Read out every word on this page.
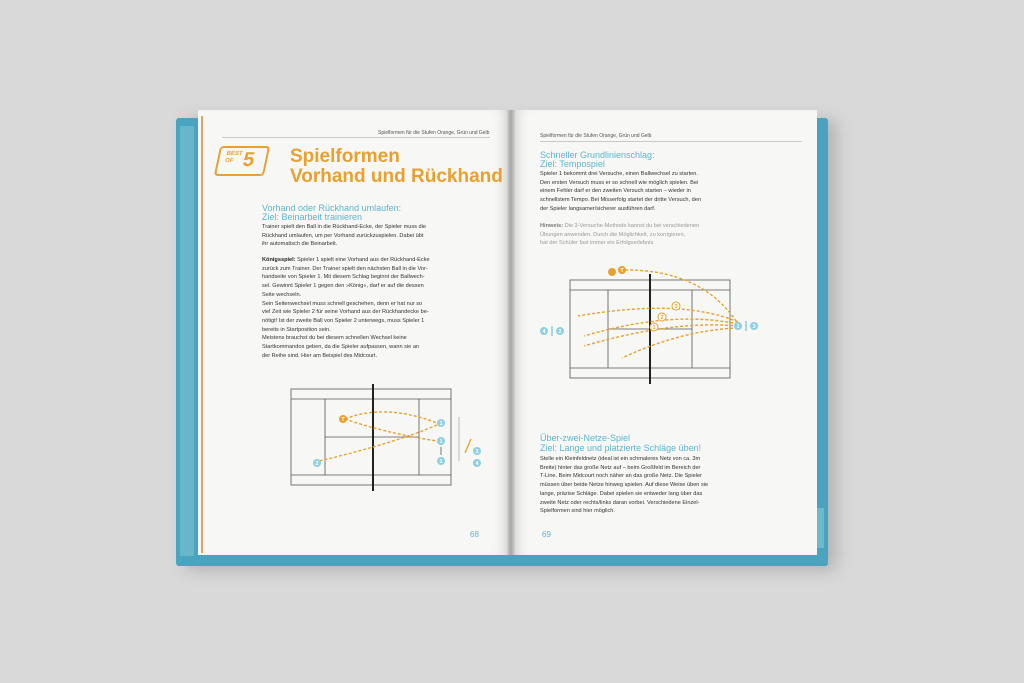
Spielformen für die Stufen Orange, Grün und Gelb
BEST OF 5 Spielformen
Vorhand und Rückhand
Vorhand oder Rückhand umlaufen:
Ziel: Beinarbeit trainieren
Trainer spielt den Ball in die Rückhand-Ecke, der Spieler muss die
Rückhand umlaufen, um per Vorhand zurückzuspielen. Dabei übt
ihr automatisch die Beinarbeit.
Königsspiel: Spieler 1 spielt eine Vorhand aus der Rückhand-Ecke
zurück zum Trainer. Der Trainer spielt den nächsten Ball in die Vor-
handseite von Spieler 1. Mit diesem Schlag beginnt der Ballwech-
sel. Gewinnt Spieler 1 gegen den »König«, darf er auf die dessen
Seite wechseln.
Sein Seitenwechsel muss schnell geschehen, denn er hat nur so
viel Zeit wie Spieler 2 für seine Vorhand aus der Rückhandecke be-
nötigt! Ist der zweite Ball von Spieler 2 unterwegs, muss Spieler 1
bereits in Startposition sein.
Meistens brauchst du bei diesem schnellen Wechsel keine
Startkommandos geben, da die Spieler aufpassen, wann sie an
der Reihe sind. Hier am Beispiel des Midcourt.
T
1
1
1
2
3
4
68
Spielformen für die Stufen Orange, Grün und Gelb
Schneller Grundlinienschlag:
Ziel: Tempospiel
Spieler 1 bekommt drei Versuche, einen Ballwechsel zu starten.
Den ersten Versuch muss er so schnell wie möglich spielen. Bei
einem Fehler darf er den zweiten Versuch starten – wieder in
schnellstem Tempo. Bei Misserfolg startet der dritte Versuch, den
der Spieler langsamer/sicherer ausführen darf.
Hinweis: Die 3-Versuche-Methode kannst du bei verschiedenen
Übungen anwenden. Durch die Möglichkeit, zu korrigieren,
hat der Schüler fast immer ein Erfolgserlebnis.
T
4 2
3
2
1	1 3
Über-zwei-Netze-Spiel
Ziel: Lange und platzierte Schläge üben!
Stelle ein Kleinfeldnetz (ideal ist ein schmaleres Netz von ca. 3m
Breite) hinter das große Netz auf – beim Großfeld im Bereich der
T-Line. Beim Midcourt noch näher an das große Netz. Die Spieler
müssen über beide Netze hinweg spielen. Auf diese Weise üben sie
lange, präzise Schläge. Dabei spielen sie entweder lang über das
zweite Netz oder rechts/links daran vorbei. Verschiedene Einzel-
Spielformen sind hier möglich.
69
